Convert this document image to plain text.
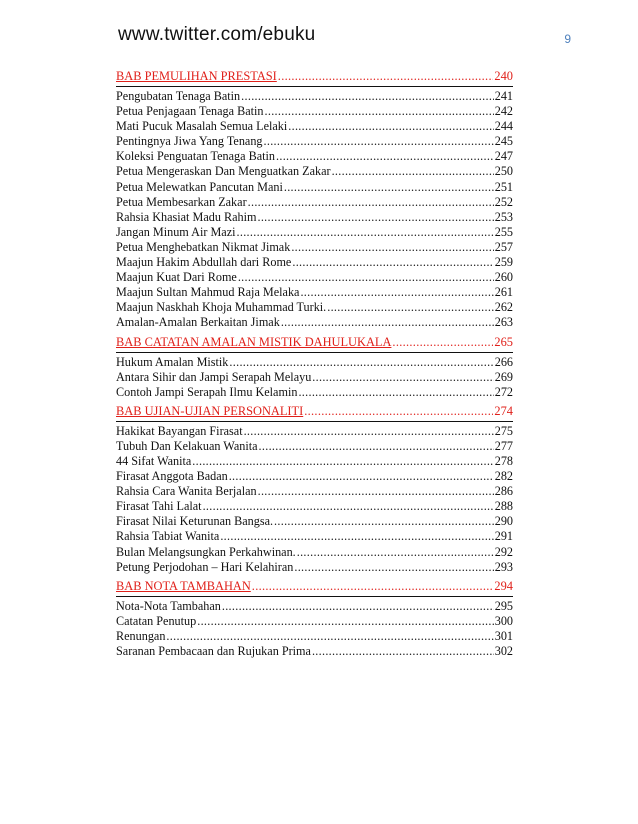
www.twitter.com/ebuku	9
BAB PEMULIHAN PRESTASI .....	240
Pengubatan Tenaga Batin .....	241
Petua Penjagaan Tenaga Batin .....	242
Mati Pucuk Masalah Semua Lelaki .....	244
Pentingnya Jiwa Yang Tenang .....	245
Koleksi Penguatan Tenaga Batin .....	247
Petua Mengeraskan Dan Menguatkan Zakar .....	250
Petua Melewatkan Pancutan Mani .....	251
Petua Membesarkan Zakar .....	252
Rahsia Khasiat Madu Rahim .....	253
Jangan Minum Air Mazi .....	255
Petua Menghebatkan Nikmat Jimak .....	257
Maajun Hakim Abdullah dari Rome .....	259
Maajun Kuat Dari Rome .....	260
Maajun Sultan Mahmud Raja Melaka .....	261
Maajun Naskhah Khoja Muhammad Turki. .....	262
Amalan-Amalan Berkaitan Jimak .....	263
BAB CATATAN AMALAN MISTIK DAHULUKALA .....	265
Hukum Amalan Mistik .....	266
Antara Sihir dan Jampi Serapah Melayu .....	269
Contoh Jampi Serapah Ilmu Kelamin .....	272
BAB UJIAN-UJIAN PERSONALITI .....	274
Hakikat Bayangan Firasat .....	275
Tubuh Dan Kelakuan Wanita .....	277
44 Sifat Wanita .....	278
Firasat Anggota Badan .....	282
Rahsia Cara Wanita Berjalan .....	286
Firasat Tahi Lalat .....	288
Firasat Nilai Keturunan Bangsa. .....	290
Rahsia Tabiat Wanita .....	291
Bulan Melangsungkan Perkahwinan. .....	292
Petung Perjodohan – Hari Kelahiran .....	293
BAB NOTA TAMBAHAN .....	294
Nota-Nota Tambahan .....	295
Catatan Penutup .....	300
Renungan .....	301
Saranan Pembacaan dan Rujukan Prima .....	302
